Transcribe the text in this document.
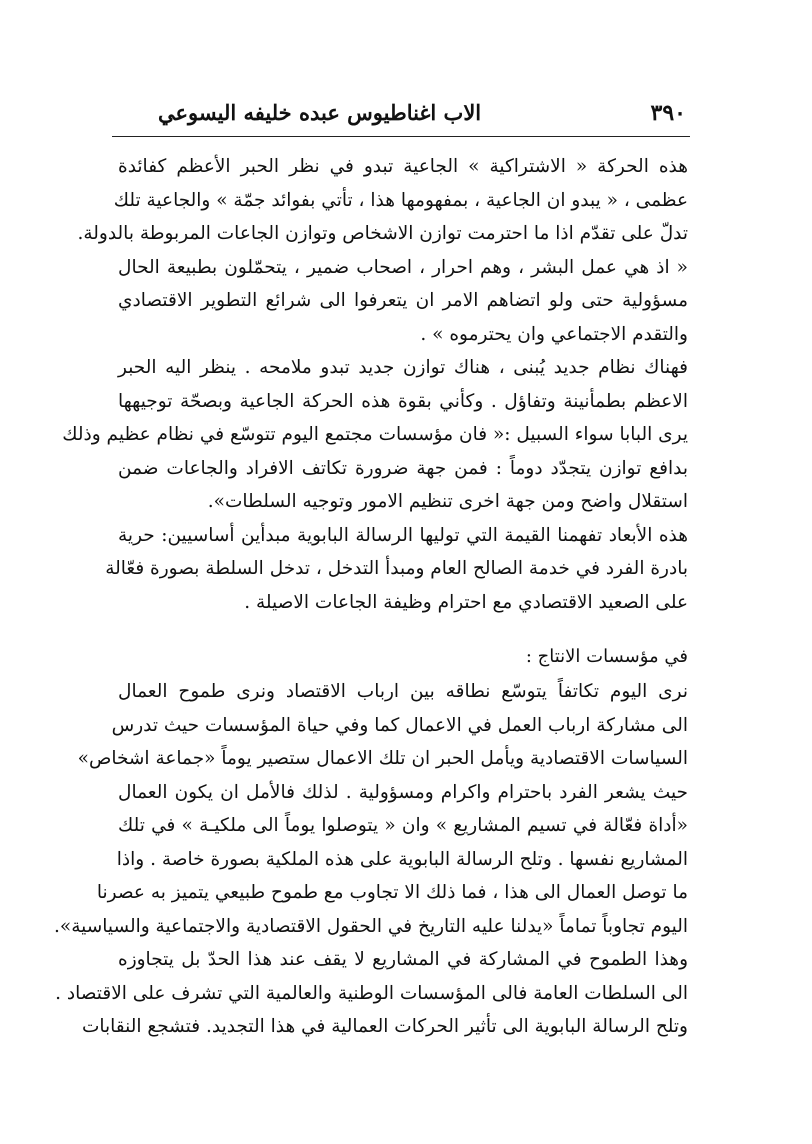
٣٩٠
الاب اغناطيوس عبده خليفه اليسوعي
هذه الحركة « الاشتراكية » الجاعية تبدو في نظر الحبر الأعظم كفائدة
عظمى ، « يبدو ان الجاعية ، بمفهومها هذا ، تأتي بفوائد جمّة » والجاعية تلك
تدلّ على تقدّم اذا ما احترمت توازن الاشخاص وتوازن الجاعات المربوطة بالدولة.
« اذ هي عمل البشر ، وهم احرار ، اصحاب ضمير ، يتحمّلون بطبيعة الحال
مسؤولية حتى ولو اتضاهم الامر ان يتعرفوا الى شرائع التطوير الاقتصادي
والتقدم الاجتماعي وان يحترموه » .
فهناك نظام جديد يُبنى ، هناك توازن جديد تبدو ملامحه . ينظر اليه الحبر
الاعظم بطمأنينة وتفاؤل . وكأني بقوة هذه الحركة الجاعية وبصحّة توجيهها
يرى البابا سواء السبيل :« فان مؤسسات مجتمع اليوم تتوسّع في نظام عظيم وذلك
بدافع توازن يتجدّد دوماً : فمن جهة ضرورة تكاتف الافراد والجاعات ضمن
استقلال واضح ومن جهة اخرى تنظيم الامور وتوجيه السلطات».
هذه الأبعاد تفهمنا القيمة التي توليها الرسالة البابوية مبدأين أساسيين: حرية
بادرة الفرد في خدمة الصالح العام ومبدأ التدخل ، تدخل السلطة بصورة فعّالة
على الصعيد الاقتصادي مع احترام وظيفة الجاعات الاصيلة .
في مؤسسات الانتاج :
نرى اليوم تكاتفاً يتوسّع نطاقه بين ارباب الاقتصاد ونرى طموح العمال
الى مشاركة ارباب العمل في الاعمال كما وفي حياة المؤسسات حيث تدرس
السياسات الاقتصادية ويأمل الحبر ان تلك الاعمال ستصير يوماً «جماعة اشخاص»
حيث يشعر الفرد باحترام واكرام ومسؤولية . لذلك فالأمل ان يكون العمال
«أداة فعّالة في تسيم المشاريع » وان « يتوصلوا يوماً الى ملكيـة » في تلك
المشاريع نفسها . وتلح الرسالة البابوية على هذه الملكية بصورة خاصة . واذا
ما توصل العمال الى هذا ، فما ذلك الا تجاوب مع طموح طبيعي يتميز به عصرنا
اليوم تجاوباً تماماً «يدلنا عليه التاريخ في الحقول الاقتصادية والاجتماعية والسياسية».
وهذا الطموح في المشاركة في المشاريع لا يقف عند هذا الحدّ بل يتجاوزه
الى السلطات العامة فالى المؤسسات الوطنية والعالمية التي تشرف على الاقتصاد .
وتلح الرسالة البابوية الى تأثير الحركات العمالية في هذا التجديد. فتشجع النقابات
